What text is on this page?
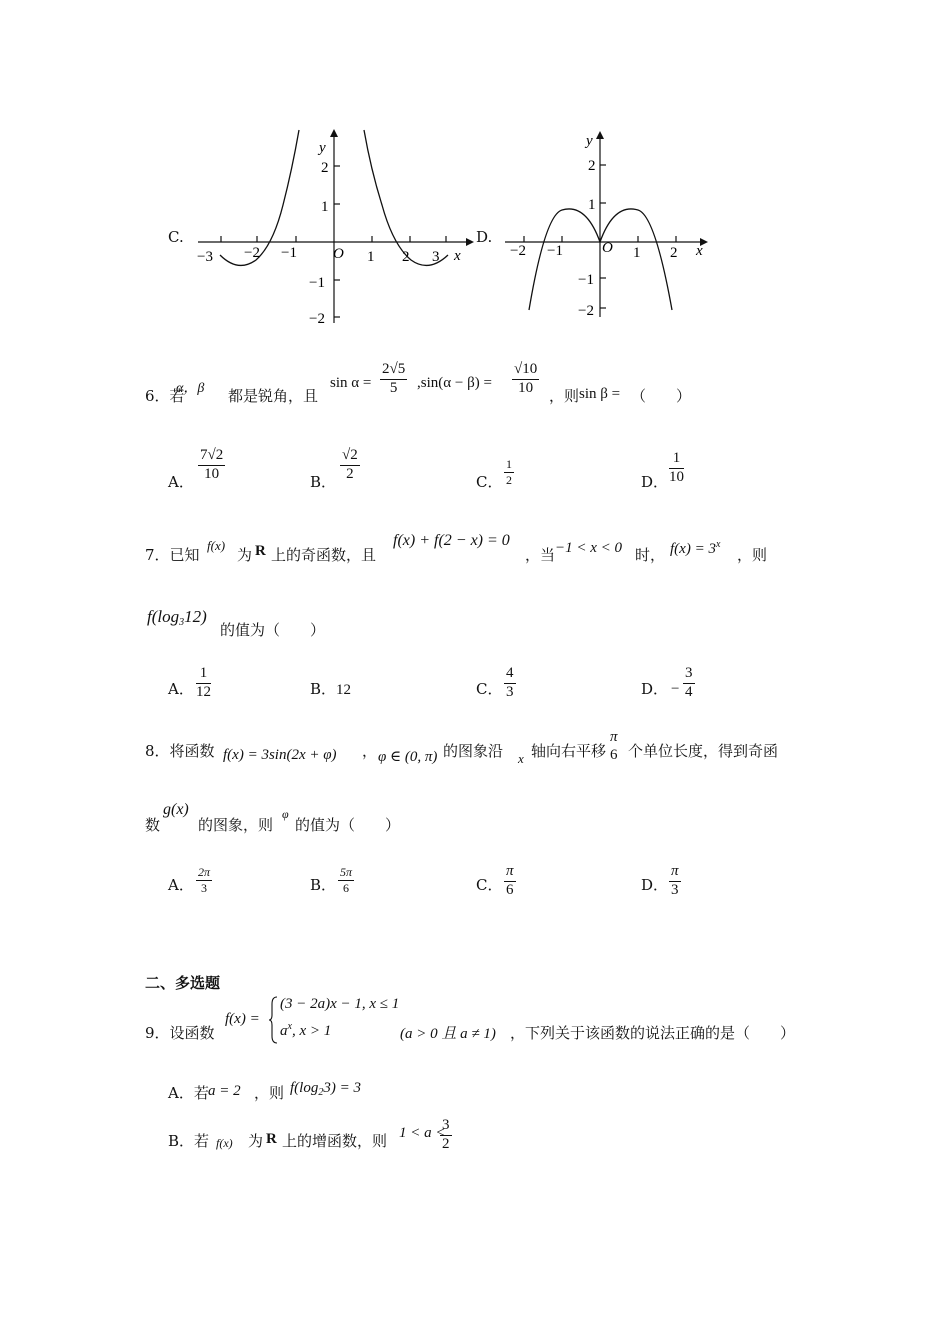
C.
−3 −2 −1	1 2 3
2
1
−1
−2
O	x
y
D.
−2 −1	1 2
2
1
−1
−2
O	x
y
6．若
α，β 都是锐角，且
$\sin \alpha = \frac{2√5}{5} ,\sin(\alpha - \beta) = \frac{√10}{10}$ ，则 sin β = （　　）
A． $\frac{7√2}{10}$	B． $\frac{√2}{2}$	C． $\frac{1}{2}$	D． $\frac{1}{10}$
7．已知
f(x)
为 R 上的奇函数，且
f(x) + f(2 − x) = 0
，当 −1 < x < 0 时， $f(x) = 3^x$
，则
$f(\log_312)$
的值为（　　）
A． $\frac{1}{12}$	B．12	C． $\frac{4}{3}$	D． − $\frac{3}{4}$
8．将函数 f(x) = 3sin(2x + φ) ， φ ∈ (0, π) 的图象沿 x 轴向右平移
π
6 个单位长度，得到奇函
数
g(x)
的图象，则
φ
的值为（　　）
A． $\frac{2\pi}{3}$	B． $\frac{5\pi}{6}$	C． $\frac{\pi}{6}$	D． $\frac{\pi}{3}$
二、多选题
9．设函数
f(x) =
(3 − 2a)x − 1, x ≤ 1
$a^x$, x > 1	(a > 0 且 a ≠ 1) ，下列关于该函数的说法正确的是（　　）
A．若 a = 2 ，则 $f(\log_23) = 3$
B．若 f(x) 为 R 上的增函数，则 1 < a <
$\frac{3}{2}$
